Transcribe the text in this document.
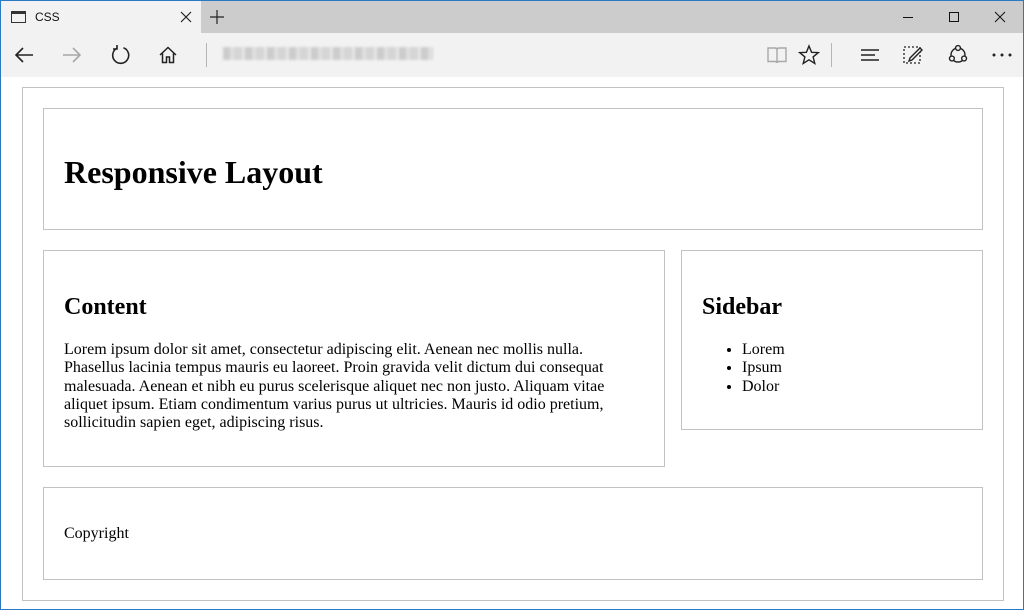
CSS
Responsive Layout
Content

Lorem ipsum dolor sit amet, consectetur adipiscing elit. Aenean nec mollis nulla. Phasellus lacinia tempus mauris eu laoreet. Proin gravida velit dictum dui consequat malesuada. Aenean et nibh eu purus scelerisque aliquet nec non justo. Aliquam vitae aliquet ipsum. Etiam condimentum varius purus ut ultricies. Mauris id odio pretium, sollicitudin sapien eget, adipiscing risus.

Sidebar
• Lorem
• Ipsum
• Dolor

Copyright
